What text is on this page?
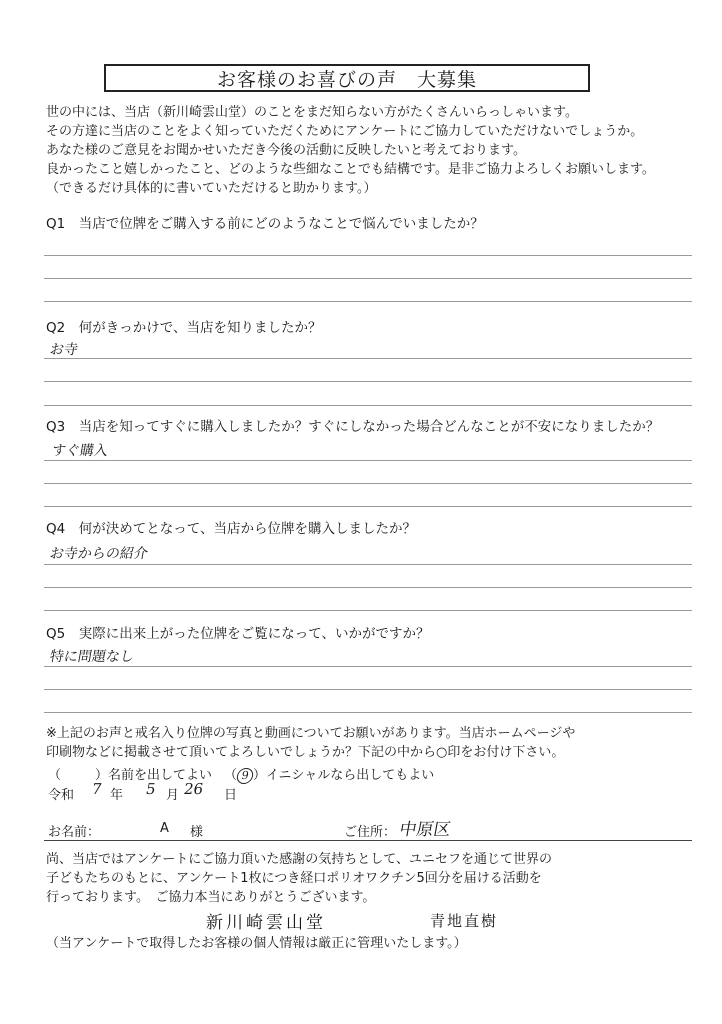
お客様のお喜びの声　大募集
世の中には、当店（新川崎雲山堂）のことをまだ知らない方がたくさんいらっしゃいます。
その方達に当店のことをよく知っていただくためにアンケートにご協力していただけないでしょうか。
あなた様のご意見をお聞かせいただき今後の活動に反映したいと考えております。
良かったこと嬉しかったこと、どのような些細なことでも結構です。是非ご協力よろしくお願いします。
（できるだけ具体的に書いていただけると助かります。）
Q1　当店で位牌をご購入する前にどのようなことで悩んでいましたか？
Q2　何がきっかけで、当店を知りましたか？
お寺
Q3　当店を知ってすぐに購入しましたか？すぐにしなかった場合どんなことが不安になりましたか？
すぐ購入
Q4　何が決めてとなって、当店から位牌を購入しましたか？
お寺からの紹介
Q5　実際に出来上がった位牌をご覧になって、いかがですか？
特に問題なし
※上記のお声と戒名入り位牌の写真と動画についてお願いがあります。当店ホームページや
印刷物などに掲載させて頂いてよろしいでしょうか？下記の中から○印をお付け下さい。
（	）名前を出してよい （ 9 ）イニシャルなら出してもよい
令和 7 年 5 月 26 日
お名前：	A 様	ご住所： 中原区
尚、当店ではアンケートにご協力頂いた感謝の気持ちとして、ユニセフを通じて世界の
子どもたちのもとに、アンケート1枚につき経口ポリオワクチン5回分を届ける活動を
行っております。　ご協力本当にありがとうございます。
新川崎雲山堂	青地直樹
（当アンケートで取得したお客様の個人情報は厳正に管理いたします。）
